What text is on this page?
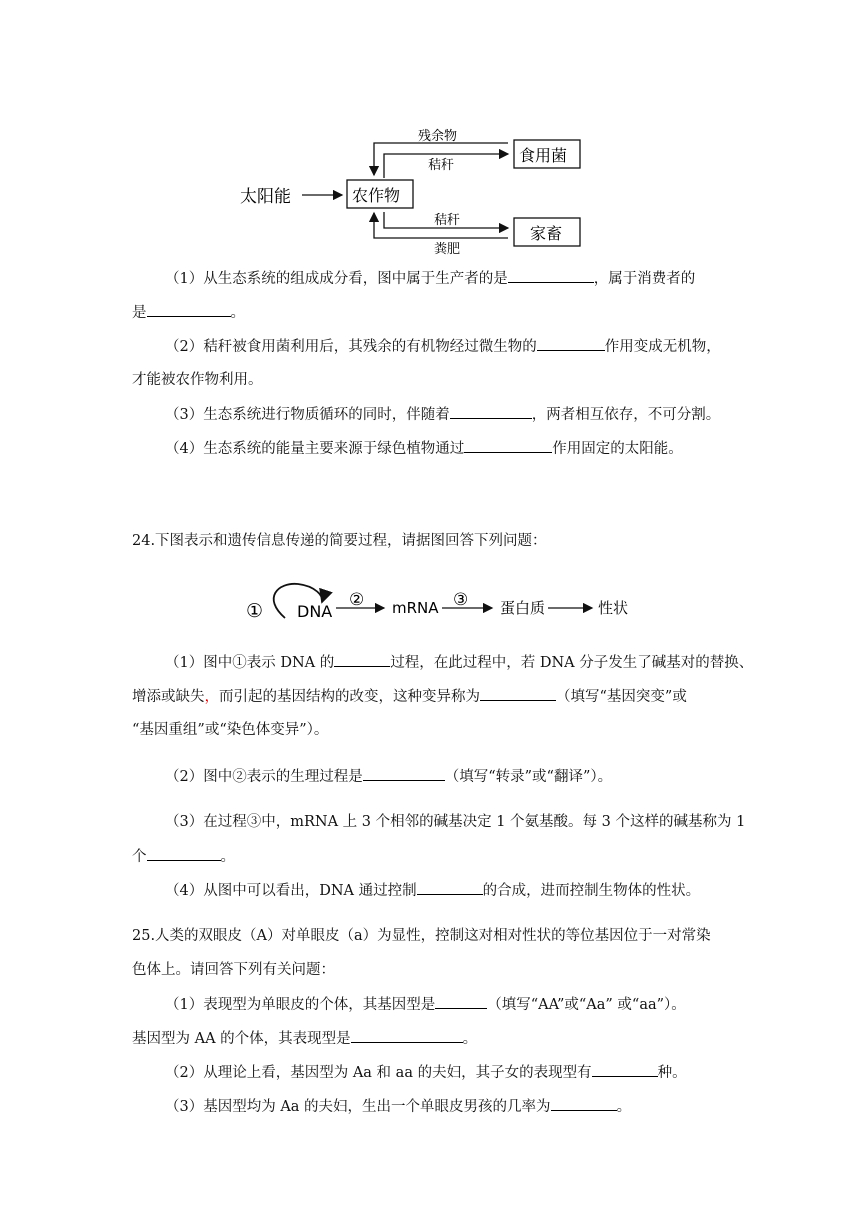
太阳能	农作物
食用菌
家畜
残余物
秸秆
秸秆
粪肥
（1）从生态系统的组成成分看，图中属于生产者的是	，属于消费者的
是	。
（2）秸秆被食用菌利用后，其残余的有机物经过微生物的	作用变成无机物，
才能被农作物利用。
（3）生态系统进行物质循环的同时，伴随着	，两者相互依存，不可分割。
（4）生态系统的能量主要来源于绿色植物通过	作用固定的太阳能。
24.下图表示和遗传信息传递的简要过程，请据图回答下列问题：
① DNA
② mRNA ③ 蛋白质	性状
（1）图中①表示 DNA 的	过程，在此过程中，若 DNA 分子发生了碱基对的替换、
增添或缺失，而引起的基因结构的改变，这种变异称为	（填写“基因突变”或
“基因重组”或“染色体变异”）。
（2）图中②表示的生理过程是	（填写“转录”或“翻译”）。
（3）在过程③中，mRNA 上 3 个相邻的碱基决定 1 个氨基酸。每 3 个这样的碱基称为 1
个	。
（4）从图中可以看出，DNA 通过控制	的合成，进而控制生物体的性状。
25.人类的双眼皮（A）对单眼皮（a）为显性，控制这对相对性状的等位基因位于一对常染
色体上。请回答下列有关问题：
（1）表现型为单眼皮的个体，其基因型是	（填写“AA”或“Aa” 或“aa”）。
基因型为 AA 的个体，其表现型是	。
（2）从理论上看，基因型为 Aa 和 aa 的夫妇，其子女的表现型有	种。
（3）基因型均为 Aa 的夫妇，生出一个单眼皮男孩的几率为	。
